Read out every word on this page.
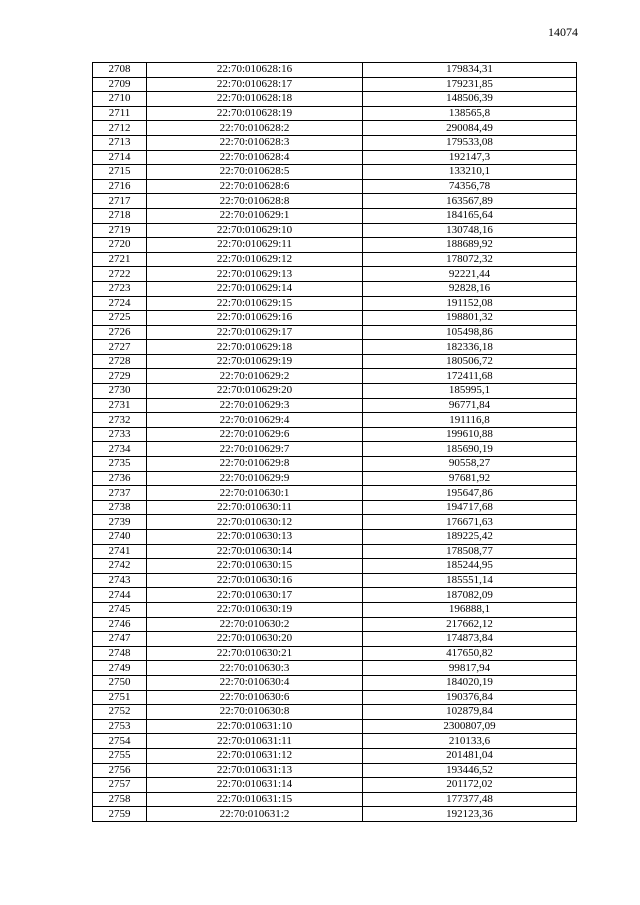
14074
2708	22:70:010628:16	179834,31
2709	22:70:010628:17	179231,85
2710	22:70:010628:18	148506,39
2711	22:70:010628:19	138565,8
2712	22:70:010628:2	290084,49
2713	22:70:010628:3	179533,08
2714	22:70:010628:4	192147,3
2715	22:70:010628:5	133210,1
2716	22:70:010628:6	74356,78
2717	22:70:010628:8	163567,89
2718	22:70:010629:1	184165,64
2719	22:70:010629:10	130748,16
2720	22:70:010629:11	188689,92
2721	22:70:010629:12	178072,32
2722	22:70:010629:13	92221,44
2723	22:70:010629:14	92828,16
2724	22:70:010629:15	191152,08
2725	22:70:010629:16	198801,32
2726	22:70:010629:17	105498,86
2727	22:70:010629:18	182336,18
2728	22:70:010629:19	180506,72
2729	22:70:010629:2	172411,68
2730	22:70:010629:20	185995,1
2731	22:70:010629:3	96771,84
2732	22:70:010629:4	191116,8
2733	22:70:010629:6	199610,88
2734	22:70:010629:7	185690,19
2735	22:70:010629:8	90558,27
2736	22:70:010629:9	97681,92
2737	22:70:010630:1	195647,86
2738	22:70:010630:11	194717,68
2739	22:70:010630:12	176671,63
2740	22:70:010630:13	189225,42
2741	22:70:010630:14	178508,77
2742	22:70:010630:15	185244,95
2743	22:70:010630:16	185551,14
2744	22:70:010630:17	187082,09
2745	22:70:010630:19	196888,1
2746	22:70:010630:2	217662,12
2747	22:70:010630:20	174873,84
2748	22:70:010630:21	417650,82
2749	22:70:010630:3	99817,94
2750	22:70:010630:4	184020,19
2751	22:70:010630:6	190376,84
2752	22:70:010630:8	102879,84
2753	22:70:010631:10	2300807,09
2754	22:70:010631:11	210133,6
2755	22:70:010631:12	201481,04
2756	22:70:010631:13	193446,52
2757	22:70:010631:14	201172,02
2758	22:70:010631:15	177377,48
2759	22:70:010631:2	192123,36
